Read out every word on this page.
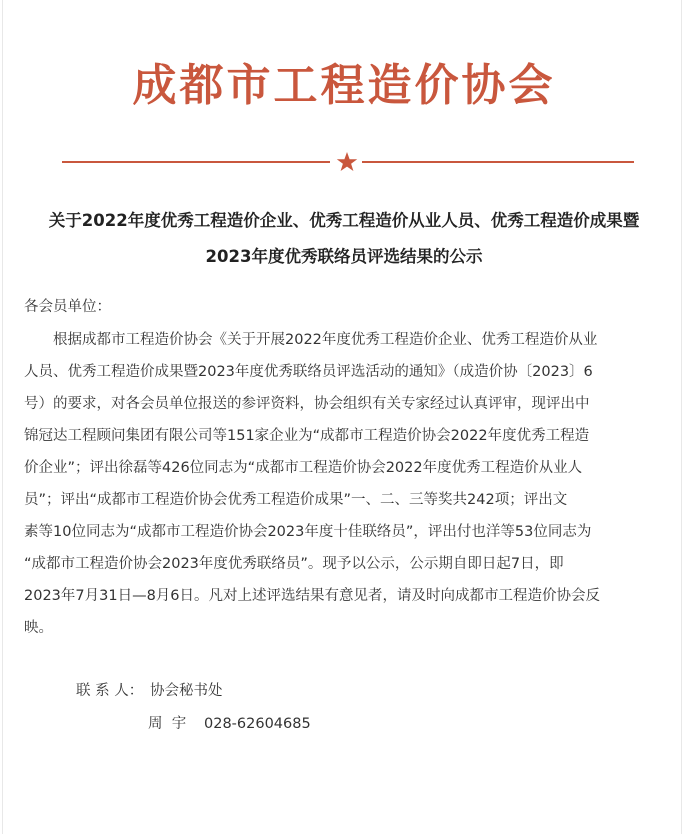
成都市工程造价协会
关于2022年度优秀工程造价企业、优秀工程造价从业人员、优秀工程造价成果暨
2023年度优秀联络员评选结果的公示
各会员单位：
　　根据成都市工程造价协会《关于开展2022年度优秀工程造价企业、优秀工程造价从业
人员、优秀工程造价成果暨2023年度优秀联络员评选活动的通知》（成造价协〔2023〕6
号）的要求，对各会员单位报送的参评资料，协会组织有关专家经过认真评审，现评出中
锦冠达工程顾问集团有限公司等151家企业为“成都市工程造价协会2022年度优秀工程造
价企业”；评出徐磊等426位同志为“成都市工程造价协会2022年度优秀工程造价从业人
员”；评出“成都市工程造价协会优秀工程造价成果”一、二、三等奖共242项；评出文
素等10位同志为“成都市工程造价协会2023年度十佳联络员”，评出付也洋等53位同志为
“成都市工程造价协会2023年度优秀联络员”。现予以公示，公示期自即日起7日，即
2023年7月31日—8月6日。凡对上述评选结果有意见者，请及时向成都市工程造价协会反
映。
联 系 人： 协会秘书处
周  宇 028-62604685
